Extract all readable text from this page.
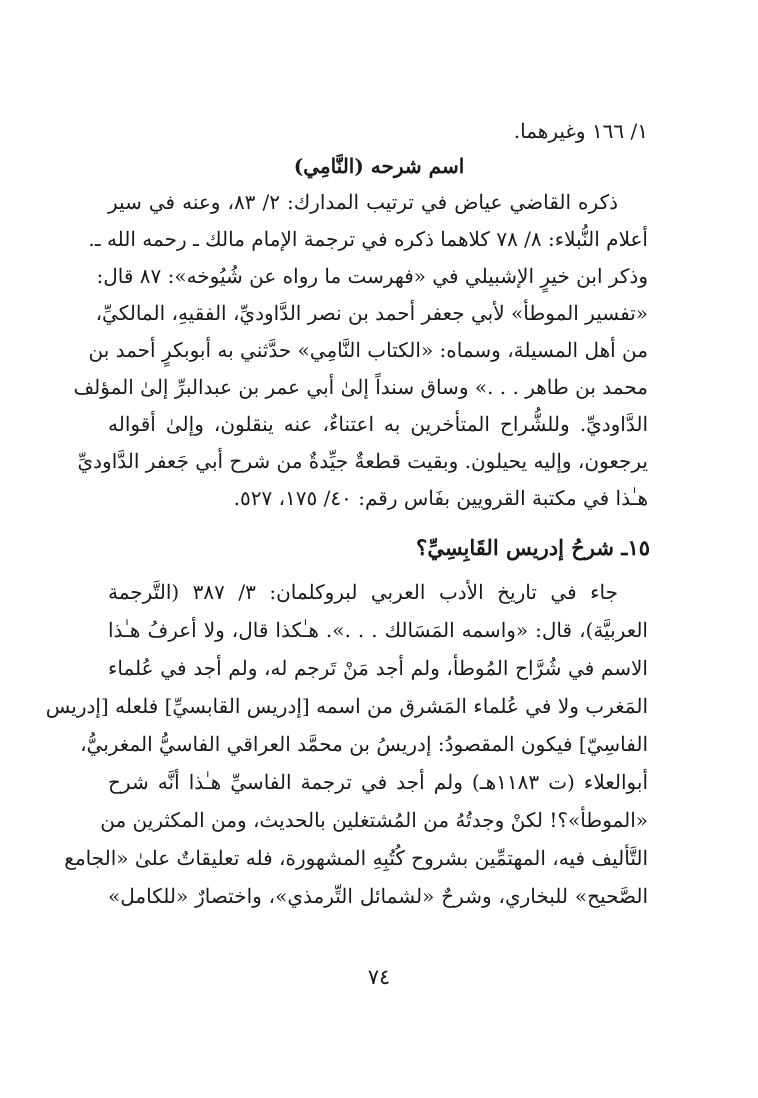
١/ ١٦٦ وغيرهما.
اسم شرحه (النَّامِي)
ذكره القاضي عياض في ترتيب المدارك: ٢/ ٨٣، وعنه في سير
أعلام النُّبلاء: ٨/ ٧٨ كلاهما ذكره في ترجمة الإمام مالك ـ رحمه الله ـ.
وذكر ابن خيرٍ الإشبيلي في «فهرست ما رواه عن شُيُوخه»: ٨٧ قال:
«تفسير الموطأ» لأبي جعفر أحمد بن نصر الدَّاوديِّ، الفقيهِ، المالكيِّ،
من أهل المسيلة، وسماه: «الكتاب النَّامِي» حدَّثني به أبوبكرٍ أحمد بن
محمد بن طاهر . . .» وساق سنداً إلىٰ أبي عمر بن عبدالبرِّ إلىٰ المؤلف
الدَّاوديِّ. وللشُّراح المتأخرين به اعتناءٌ، عنه ينقلون، وإلىٰ أقواله
يرجعون، وإليه يحيلون. وبقيت قطعةٌ جيِّدةٌ من شرح أبي جَعفر الدَّاوديِّ
هـٰذا في مكتبة القرويين بفَاس رقم: ٤٠/ ١٧٥، ٥٢٧.
١٥ـ شرحُ إدريس القَابِسِيِّ؟
جاء في تاريخ الأدب العربي لبروكلمان: ٣/ ٣٨٧ (التَّرجمة
العربيَّة)، قال: «واسمه المَسَالك . . .». هـٰكذا قال، ولا أعرفُ هـٰذا
الاسم في شُرَّاح المُوطأ، ولم أجد مَنْ تَرجم له، ولم أجد في عُلماء
المَغرب ولا في عُلماء المَشرق من اسمه [إدريس القابسيِّ] فلعله [إدريس
الفاسِيّ] فيكون المقصودُ: إدريسُ بن محمَّد العراقي الفاسيُّ المغربيُّ،
أبوالعلاء (ت ١١٨٣هـ) ولم أجد في ترجمة الفاسيِّ هـٰذا أنَّه شرح
«الموطأ»؟! لكنْ وجدتُهُ من المُشتغلين بالحديث، ومن المكثرين من
التَّأليف فيه، المهتمِّين بشروح كُتُبِهِ المشهورة، فله تعليقاتٌ علىٰ «الجامع
الصَّحيح» للبخاري، وشرحٌ «لشمائل التِّرمذي»، واختصارٌ «للكامل»
٧٤
